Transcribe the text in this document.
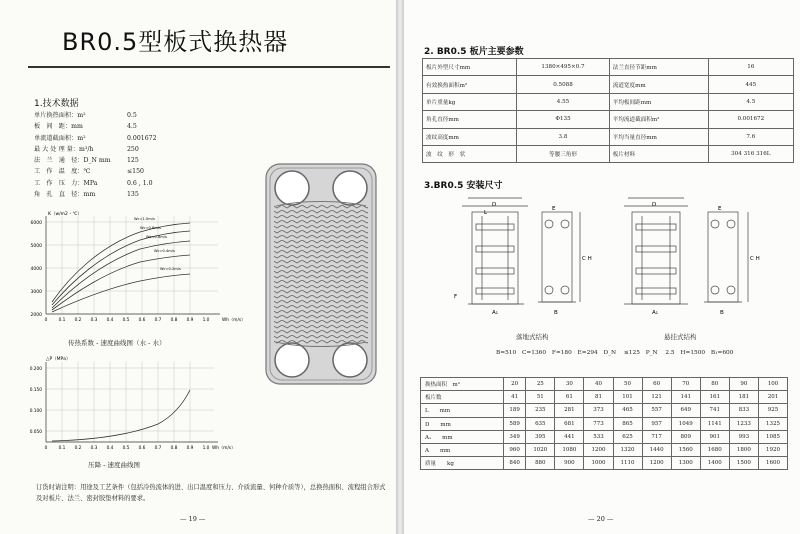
BR0.5型板式换热器
1.技术数据
单片换热面积：m²	0.5
板　间　距：mm	4.5
单流道截面积：m²	0.001672
最 大 处 理 量：m³/h	250
法　兰　通　径：D_N mm	125
工　作　温　度：℃	≤150
工　作　压　力：MPa	0.6 , 1.0
角　孔　直　径：mm	135
K（w/m2・℃）
6000
5000
4000
3000
2000
Wc=1.0m/s
Wc=0.8m/s
Wc=0.6m/s
Wc=0.4m/s
Wc=0.2m/s
0	0.1 0.2 0.3 0.4 0.5 0.6 0.7 0.8 0.9 1.0	Wh（m/s）
传热系数 - 速度曲线图（水 - 水）
△P（MPa）
0.200
0.150
0.100
0.050
0	0.1 0.2 0.3 0.4 0.5 0.6 0.7 0.8 0.9 1.0 Wh（m/s）
压降 - 速度曲线图
订货时请注明：用途及工艺条件（包括冷热流体的进、出口温度和压力、介质流量、何种介质等），总换热面积、流程组合形式及对板片、法兰、密封胶垫材料的要求。
— 19 —
2. BR0.5 板片主要参数
板片外型尺寸mm	1380×495×0.7	法兰直径节距mm	16
有效换热面积m²	0.5088	流道宽度mm	445
单片重量kg	4.55	平均板间距mm	4.5
角孔直径mm	Φ135	平均流道截面积m²	0.001672
波纹高度mm	3.8	平均当量直径mm	7.6
波　纹　形　状	等腰三角形	板片材料	304 316 316L
3.BR0.5 安装尺寸
D
L
E
C H
A₁
F
B
D
A₁
E
C H
B
落地式结构	悬挂式结构
B=510　C=1360　F=180　E=294　D_N ≤125　P_N 2.5　H=1500　B₁=600
换热面积　m²	20	25	30	40	50	60	70	80	90	100
板片数	41	51	61	81	101	121	141	161	181	201
L　　mm	189	235	281	373	465	557	649	741	833	925
D　　mm	589	635	681	773	865	957	1049	1141	1233	1325
A₁　　mm	349	395	441	533	625	717	809	901	993	1085
A　　mm	960	1020	1080	1200	1320	1440	1560	1680	1800	1920
质量　　kg	840	880	900	1000	1110	1200	1300	1400	1500	1600
— 20 —
